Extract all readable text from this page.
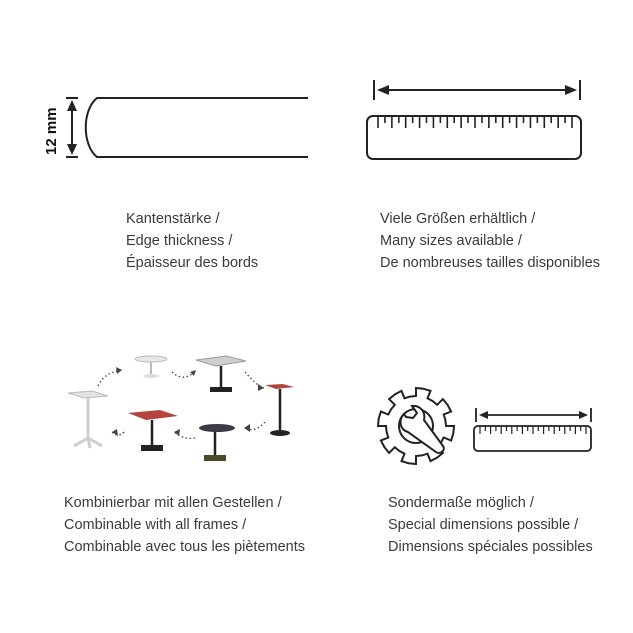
12 mm
Kantenstärke /
Edge thickness /
Épaisseur des bords
Viele Größen erhältlich /
Many sizes available /
De nombreuses tailles disponibles
Kombinierbar mit allen Gestellen /
Combinable with all frames /
Combinable avec tous les piètements
Sondermaße möglich /
Special dimensions possible /
Dimensions spéciales possibles
